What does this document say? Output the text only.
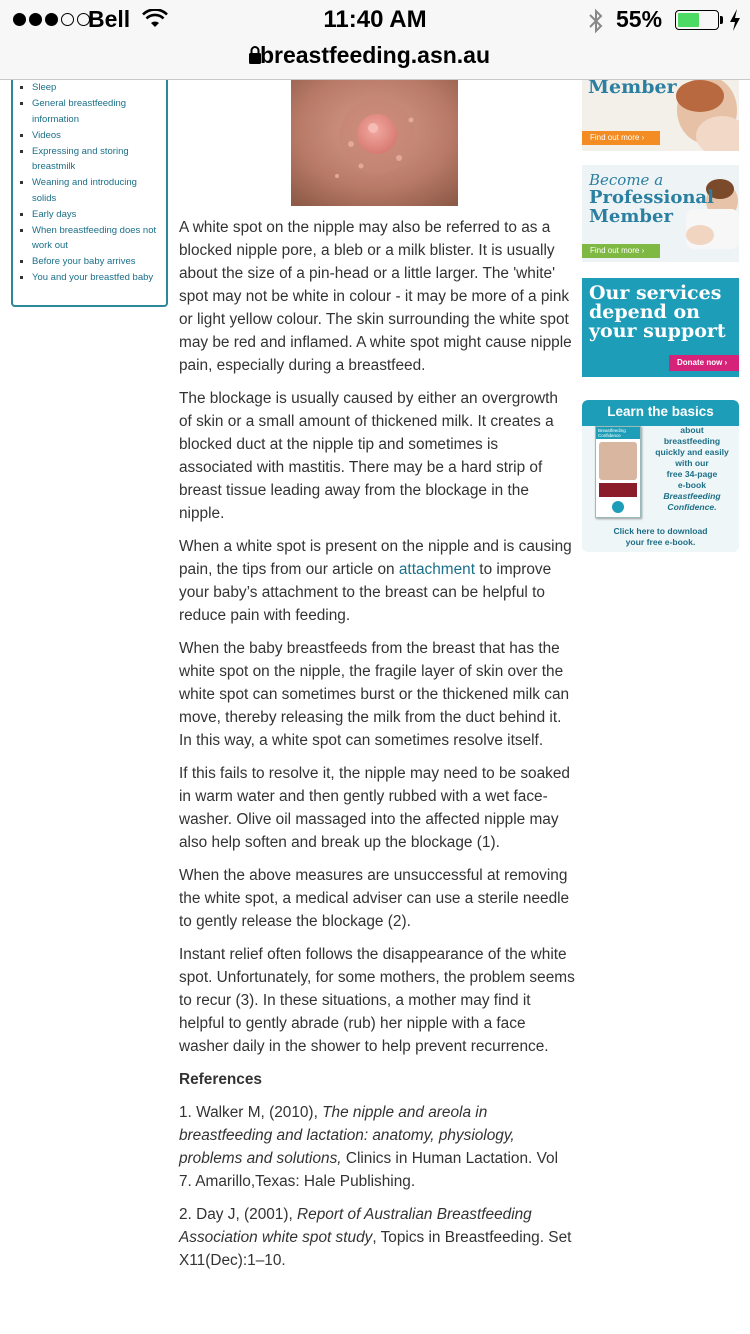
Bell	11:40 AM	55%
breastfeeding.asn.au
Sleep
General breastfeeding information
Videos
Expressing and storing breastmilk
Weaning and introducing solids
Early days
When breastfeeding does not work out
Before your baby arrives
You and your breastfed baby

A white spot on the nipple may also be referred to as a blocked nipple pore, a bleb or a milk blister. It is usually about the size of a pin-head or a little larger. The 'white' spot may not be white in colour - it may be more of a pink or light yellow colour. The skin surrounding the white spot may be red and inflamed. A white spot might cause nipple pain, especially during a breastfeed.

The blockage is usually caused by either an overgrowth of skin or a small amount of thickened milk. It creates a blocked duct at the nipple tip and sometimes is associated with mastitis. There may be a hard strip of breast tissue leading away from the blockage in the nipple.

When a white spot is present on the nipple and is causing pain, the tips from our article on attachment to improve your baby’s attachment to the breast can be helpful to reduce pain with feeding.

When the baby breastfeeds from the breast that has the white spot on the nipple, the fragile layer of skin over the white spot can sometimes burst or the thickened milk can move, thereby releasing the milk from the duct behind it. In this way, a white spot can sometimes resolve itself.

If this fails to resolve it, the nipple may need to be soaked in warm water and then gently rubbed with a wet face-washer. Olive oil massaged into the affected nipple may also help soften and break up the blockage (1).

When the above measures are unsuccessful at removing the white spot, a medical adviser can use a sterile needle to gently release the blockage (2).

Instant relief often follows the disappearance of the white spot. Unfortunately, for some mothers, the problem seems to recur (3). In these situations, a mother may find it helpful to gently abrade (rub) her nipple with a face washer daily in the shower to help prevent recurrence.

References

1. Walker M, (2010), The nipple and areola in breastfeeding and lactation: anatomy, physiology, problems and solutions, Clinics in Human Lactation. Vol 7. Amarillo,Texas: Hale Publishing.

2. Day J, (2001), Report of Australian Breastfeeding Association white spot study, Topics in Breastfeeding. Set X11(Dec):1–10.

Member
Find out more ›
Become a
Professional
Member
Find out more ›
Our services
depend on
your support
Donate now ›
Learn the basics
Breastfeeding Confidence
about
breastfeeding
quickly and easily
with our
free 34-page
e-book
Breastfeeding
Confidence.
Click here to download
your free e-book.
